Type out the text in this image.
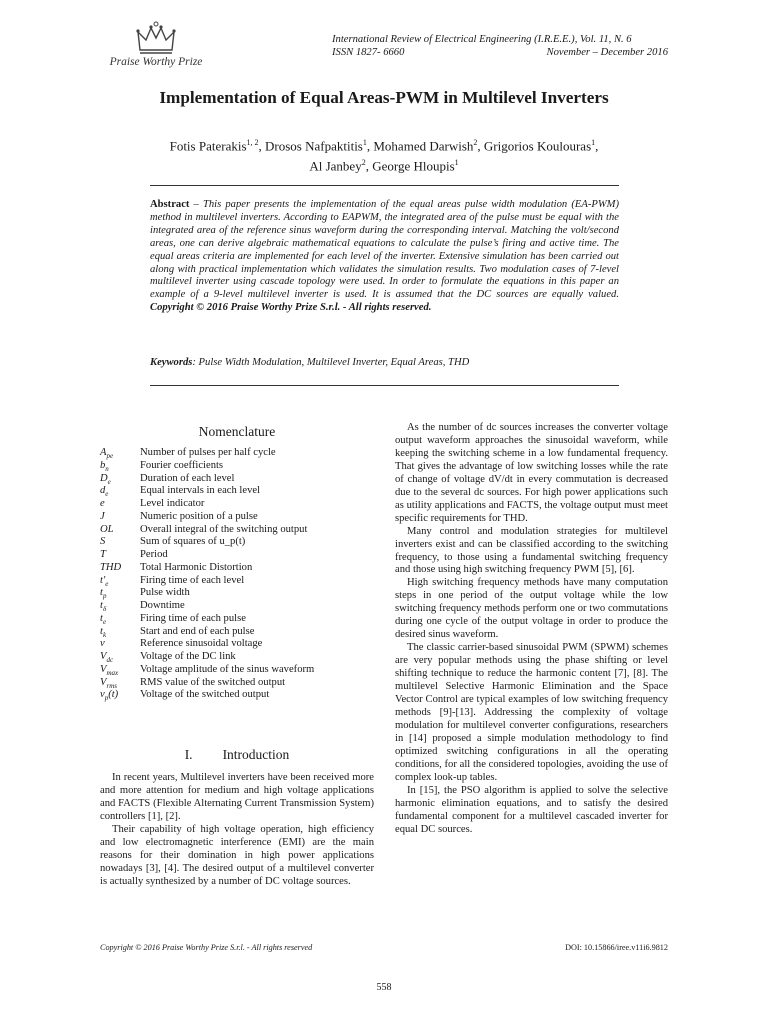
Praise Worthy Prize
International Review of Electrical Engineering (I.R.E.E.), Vol. 11, N. 6
ISSN 1827- 6660	November – December 2016
Implementation of Equal Areas-PWM in Multilevel Inverters
Fotis Paterakis$^{1, 2}$, Drosos Nafpaktitis$^1$, Mohamed Darwish$^2$, Grigorios Koulouras$^1$,
Al Janbey$^2$, George Hloupis$^1$
Abstract – This paper presents the implementation of the equal areas pulse width modulation (EA-PWM) method in multilevel inverters. According to EAPWM, the integrated area of the pulse must be equal with the integrated area of the reference sinus waveform during the corresponding interval. Matching the volt/second areas, one can derive algebraic mathematical equations to calculate the pulse’s firing and active time. The equal areas criteria are implemented for each level of the inverter. Extensive simulation has been carried out along with practical implementation which validates the simulation results. Two modulation cases of 7-level multilevel inverter using cascade topology were used. In order to formulate the equations in this paper an example of a 9-level multilevel inverter is used. It is assumed that the DC sources are equally valued. Copyright © 2016 Praise Worthy Prize S.r.l. - All rights reserved.
Keywords: Pulse Width Modulation, Multilevel Inverter, Equal Areas, THD
Nomenclature
$A_{pe}$	Number of pulses per half cycle
$b_n$	Fourier coefficients
$D_e$	Duration of each level
$d_e$	Equal intervals in each level
e	Level indicator
J	Numeric position of a pulse
OL	Overall integral of the switching output
S	Sum of squares of u_p(t)
T	Period
THD	Total Harmonic Distortion
$t'_e$	Firing time of each level
$t_p$	Pulse width
$t_\delta$	Downtime
$t_e$	Firing time of each pulse
$t_k$	Start and end of each pulse
v	Reference sinusoidal voltage
$V_{dc}$	Voltage of the DC link
$V_{max}$	Voltage amplitude of the sinus waveform
$V_{rms}$	RMS value of the switched output
$v_p(t)$	Voltage of the switched output
I. Introduction

In recent years, Multilevel inverters have been received more and more attention for medium and high voltage applications and FACTS (Flexible Alternating Current Transmission System) controllers [1], [2].

Their capability of high voltage operation, high efficiency and low electromagnetic interference (EMI) are the main reasons for their domination in high power applications nowadays [3], [4]. The desired output of a multilevel converter is actually synthesized by a number of DC voltage sources.

As the number of dc sources increases the converter voltage output waveform approaches the sinusoidal waveform, while keeping the switching scheme in a low fundamental frequency. That gives the advantage of low switching losses while the rate of change of voltage dV/dt in every commutation is decreased due to the several dc sources. For high power applications such as utility applications and FACTS, the voltage output must meet specific requirements for THD.

Many control and modulation strategies for multilevel inverters exist and can be classified according to the switching frequency, to those using a fundamental switching frequency and those using high switching frequency PWM [5], [6].

High switching frequency methods have many computation steps in one period of the output voltage while the low switching frequency methods perform one or two commutations during one cycle of the output voltage in order to produce the desired sinus waveform.

The classic carrier-based sinusoidal PWM (SPWM) schemes are very popular methods using the phase shifting or level shifting technique to reduce the harmonic content [7], [8]. The multilevel Selective Harmonic Elimination and the Space Vector Control are typical examples of low switching frequency methods [9]-[13]. Addressing the complexity of voltage modulation for multilevel converter configurations, researchers in [14] proposed a simple modulation methodology to find optimized switching configurations in all the operating conditions, for all the considered topologies, avoiding the use of complex look-up tables.

In [15], the PSO algorithm is applied to solve the selective harmonic elimination equations, and to satisfy the desired fundamental component for a multilevel cascaded inverter for equal DC sources.

Copyright © 2016 Praise Worthy Prize S.r.l. - All rights reserved	DOI: 10.15866/iree.v11i6.9812
558
